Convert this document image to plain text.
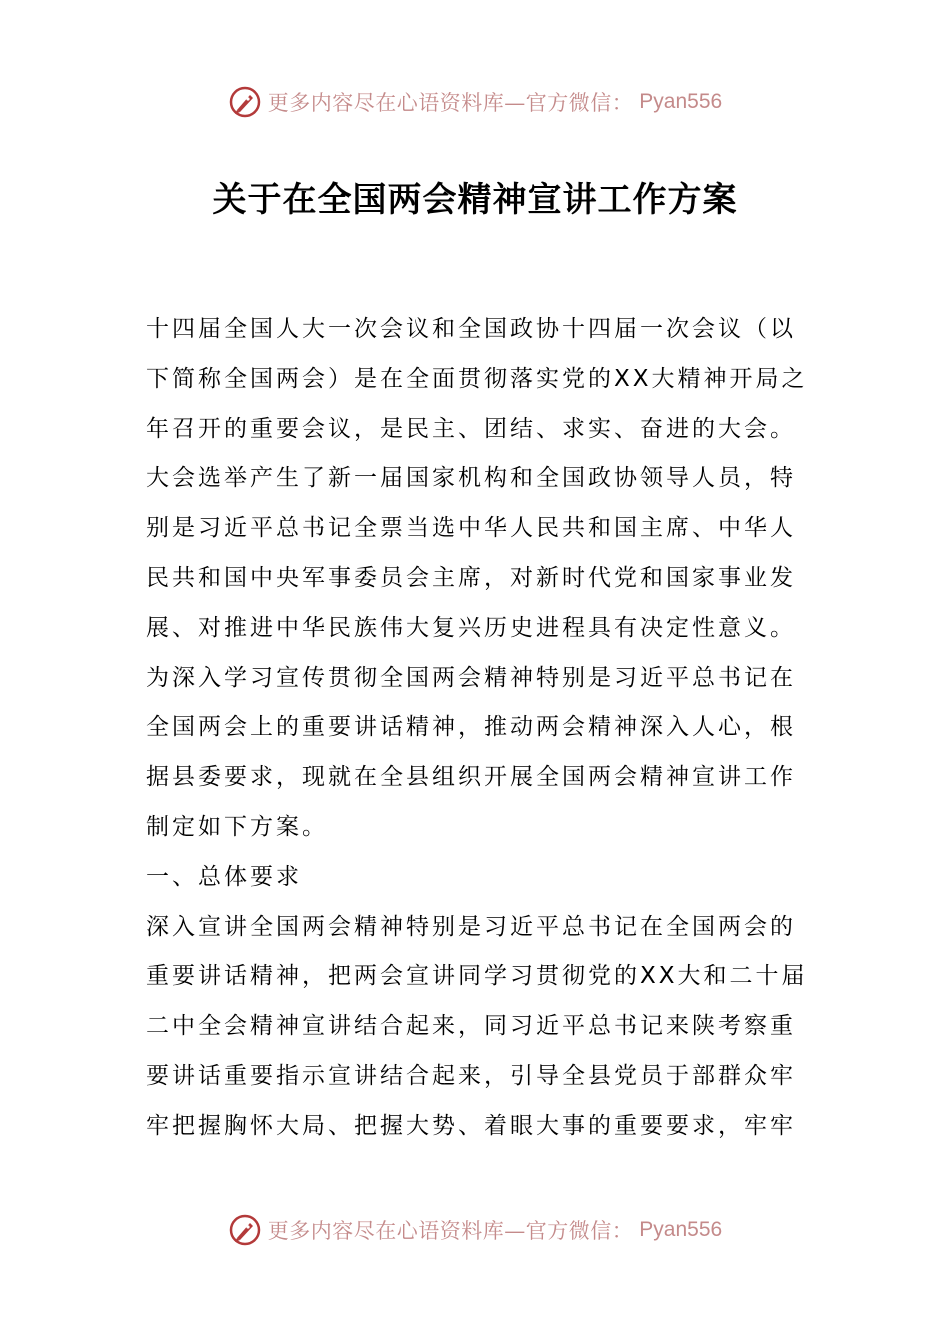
更多内容尽在心语资料库—官方微信： Pyan556
关于在全国两会精神宣讲工作方案
十四届全国人大一次会议和全国政协十四届一次会议（以
下简称全国两会）是在全面贯彻落实党的XX大精神开局之
年召开的重要会议，是民主、团结、求实、奋进的大会。
大会选举产生了新一届国家机构和全国政协领导人员，特
别是习近平总书记全票当选中华人民共和国主席、中华人
民共和国中央军事委员会主席，对新时代党和国家事业发
展、对推进中华民族伟大复兴历史进程具有决定性意义。
为深入学习宣传贯彻全国两会精神特别是习近平总书记在
全国两会上的重要讲话精神，推动两会精神深入人心，根
据县委要求，现就在全县组织开展全国两会精神宣讲工作
制定如下方案。
一、总体要求
深入宣讲全国两会精神特别是习近平总书记在全国两会的
重要讲话精神，把两会宣讲同学习贯彻党的XX大和二十届
二中全会精神宣讲结合起来，同习近平总书记来陕考察重
要讲话重要指示宣讲结合起来，引导全县党员于部群众牢
牢把握胸怀大局、把握大势、着眼大事的重要要求，牢牢
更多内容尽在心语资料库—官方微信： Pyan556
